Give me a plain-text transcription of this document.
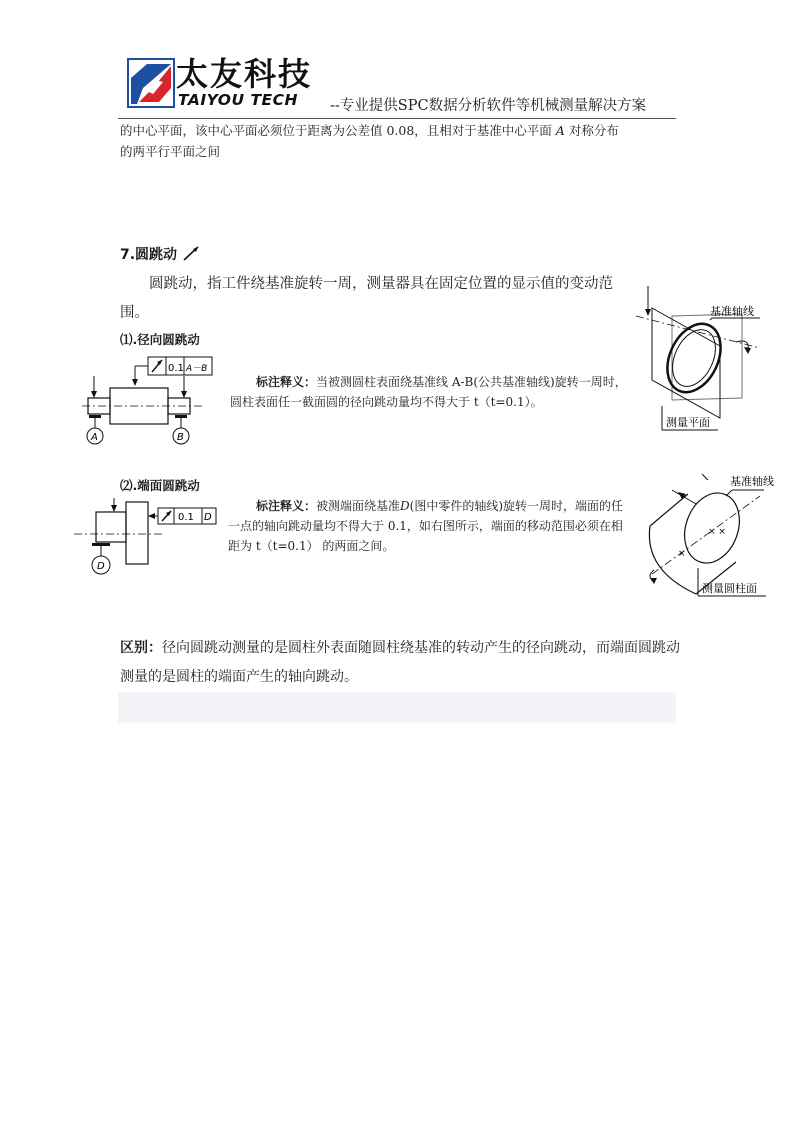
太友科技
TAIYOU TECH --专业提供SPC数据分析软件等机械测量解决方案
的中心平面，该中心平面必须位于距离为公差值 0.08，且相对于基准中心平面 A 对称分布
的两平行平面之间
7.圆跳动
圆跳动，指工件绕基准旋转一周，测量器具在固定位置的显示值的变动范围。
⑴.径向圆跳动
0.1 A－B
A	B
标注释义：当被测圆柱表面绕基准线 A-B(公共基准轴线)旋转一周时，圆柱表面任一截面圆的径向跳动量均不得大于 t（t=0.1）。
基准轴线
测量平面
⑵.端面圆跳动
0.1 D
D
标注释义：被测端面绕基准D(图中零件的轴线)旋转一周时，端面的任一点的轴向跳动量均不得大于 0.1，如右图所示，端面的移动范围必须在相距为 t（t=0.1） 的两面之间。
× ×
×
基准轴线
测量圆柱面
区别：径向圆跳动测量的是圆柱外表面随圆柱绕基准的转动产生的径向跳动，而端面圆跳动测量的是圆柱的端面产生的轴向跳动。
